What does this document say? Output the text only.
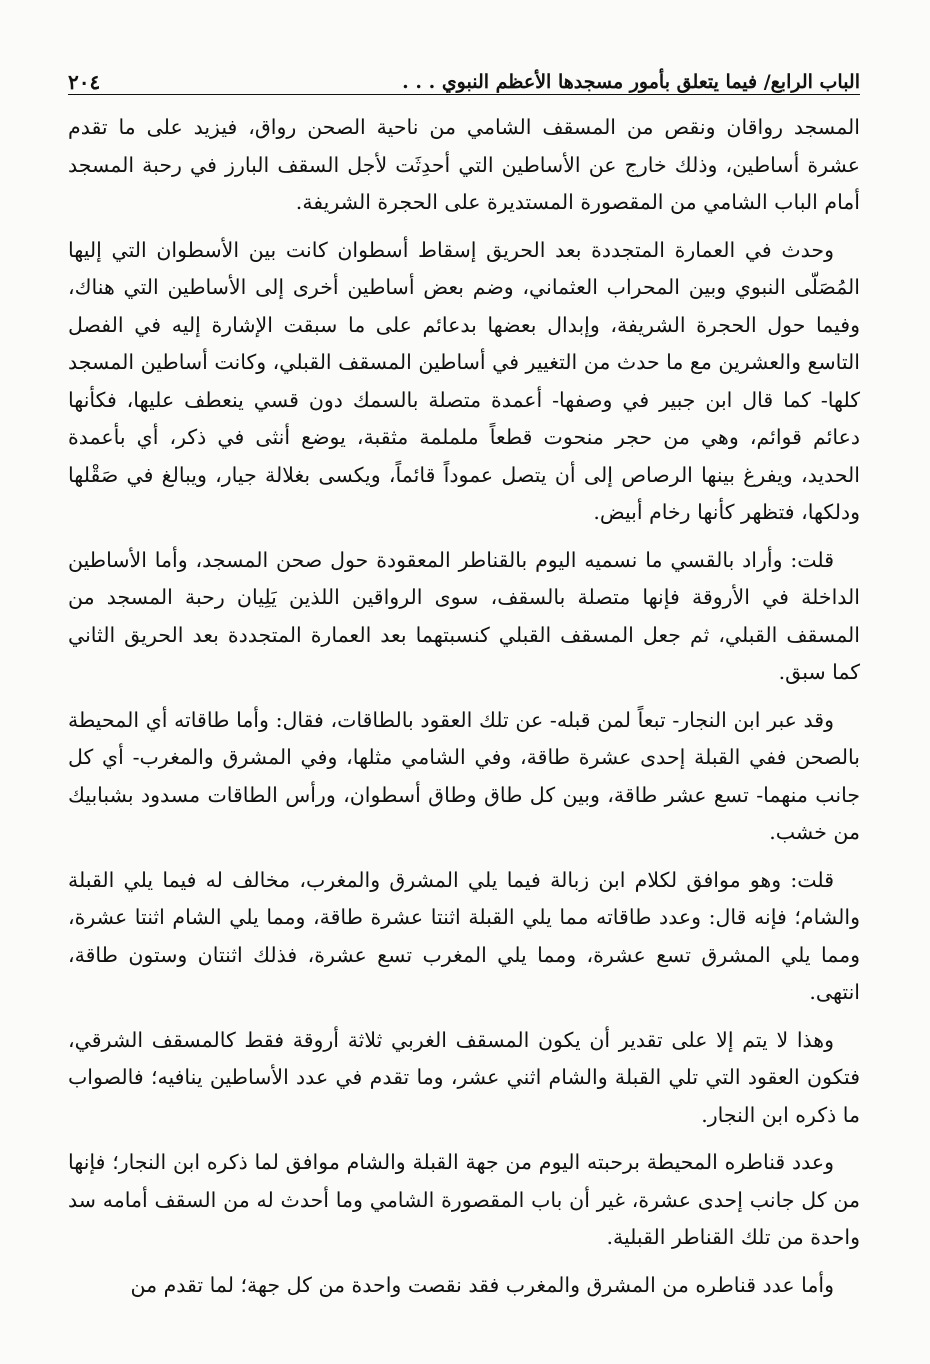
الباب الرابع/ فيما يتعلق بأمور مسجدها الأعظم النبوي . . .
٢٠٤

المسجد رواقان ونقص من المسقف الشامي من ناحية الصحن رواق، فيزيد على ما تقدم عشرة أساطين، وذلك خارج عن الأساطين التي أحدِثَت لأجل السقف البارز في رحبة المسجد أمام الباب الشامي من المقصورة المستديرة على الحجرة الشريفة.

وحدث في العمارة المتجددة بعد الحريق إسقاط أسطوان كانت بين الأسطوان التي إليها المُصَلّى النبوي وبين المحراب العثماني، وضم بعض أساطين أخرى إلى الأساطين التي هناك، وفيما حول الحجرة الشريفة، وإبدال بعضها بدعائم على ما سبقت الإشارة إليه في الفصل التاسع والعشرين مع ما حدث من التغيير في أساطين المسقف القبلي، وكانت أساطين المسجد كلها- كما قال ابن جبير في وصفها- أعمدة متصلة بالسمك دون قسي ينعطف عليها، فكأنها دعائم قوائم، وهي من حجر منحوت قطعاً ململمة مثقبة، يوضع أنثى في ذكر، أي بأعمدة الحديد، ويفرغ بينها الرصاص إلى أن يتصل عموداً قائماً، ويكسى بغلالة جيار، ويبالغ في صَقْلها ودلكها، فتظهر كأنها رخام أبيض.

قلت: وأراد بالقسي ما نسميه اليوم بالقناطر المعقودة حول صحن المسجد، وأما الأساطين الداخلة في الأروقة فإنها متصلة بالسقف، سوى الرواقين اللذين يَلِيان رحبة المسجد من المسقف القبلي، ثم جعل المسقف القبلي كنسبتهما بعد العمارة المتجددة بعد الحريق الثاني كما سبق.

وقد عبر ابن النجار- تبعاً لمن قبله- عن تلك العقود بالطاقات، فقال: وأما طاقاته أي المحيطة بالصحن ففي القبلة إحدى عشرة طاقة، وفي الشامي مثلها، وفي المشرق والمغرب- أي كل جانب منهما- تسع عشر طاقة، وبين كل طاق وطاق أسطوان، ورأس الطاقات مسدود بشبابيك من خشب.

قلت: وهو موافق لكلام ابن زبالة فيما يلي المشرق والمغرب، مخالف له فيما يلي القبلة والشام؛ فإنه قال: وعدد طاقاته مما يلي القبلة اثنتا عشرة طاقة، ومما يلي الشام اثنتا عشرة، ومما يلي المشرق تسع عشرة، ومما يلي المغرب تسع عشرة، فذلك اثنتان وستون طاقة، انتهى.

وهذا لا يتم إلا على تقدير أن يكون المسقف الغربي ثلاثة أروقة فقط كالمسقف الشرقي، فتكون العقود التي تلي القبلة والشام اثني عشر، وما تقدم في عدد الأساطين ينافيه؛ فالصواب ما ذكره ابن النجار.

وعدد قناطره المحيطة برحبته اليوم من جهة القبلة والشام موافق لما ذكره ابن النجار؛ فإنها من كل جانب إحدى عشرة، غير أن باب المقصورة الشامي وما أحدث له من السقف أمامه سد واحدة من تلك القناطر القبلية.

وأما عدد قناطره من المشرق والمغرب فقد نقصت واحدة من كل جهة؛ لما تقدم من
